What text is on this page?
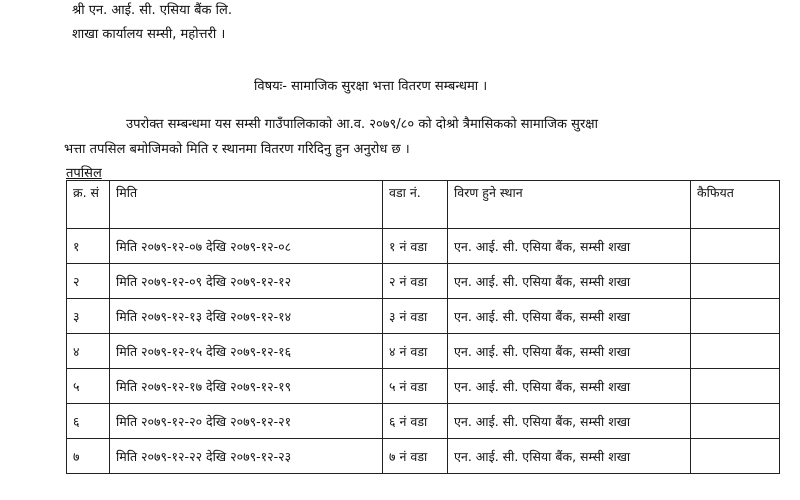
श्री एन. आई. सी. एसिया बैंक लि.
शाखा कार्यालय सम्सी, महोत्तरी ।
विषयः- सामाजिक सुरक्षा भत्ता वितरण सम्बन्धमा ।
उपरोक्त सम्बन्धमा यस सम्सी गाउँपालिकाको आ.व. २०७९/८० को दोश्रो त्रैमासिकको सामाजिक सुरक्षा
भत्ता तपसिल बमोजिमको मिति र स्थानमा वितरण गरिदिनु हुन अनुरोध छ ।
तपसिल
क्र. सं	मिति	वडा नं.	विरण हुने स्थान	कैफियत
१	मिति २०७९-१२-०७ देखि २०७९-१२-०८	१ नं वडा	एन. आई. सी. एसिया बैंक, सम्सी शखा	
२	मिति २०७९-१२-०९ देखि २०७९-१२-१२	२ नं वडा	एन. आई. सी. एसिया बैंक, सम्सी शखा	
३	मिति २०७९-१२-१३ देखि २०७९-१२-१४	३ नं वडा	एन. आई. सी. एसिया बैंक, सम्सी शखा	
४	मिति २०७९-१२-१५ देखि २०७९-१२-१६	४ नं वडा	एन. आई. सी. एसिया बैंक, सम्सी शखा	
५	मिति २०७९-१२-१७ देखि २०७९-१२-१९	५ नं वडा	एन. आई. सी. एसिया बैंक, सम्सी शखा	
६	मिति २०७९-१२-२० देखि २०७९-१२-२१	६ नं वडा	एन. आई. सी. एसिया बैंक, सम्सी शखा	
७	मिति २०७९-१२-२२ देखि २०७९-१२-२३	७ नं वडा	एन. आई. सी. एसिया बैंक, सम्सी शखा	
